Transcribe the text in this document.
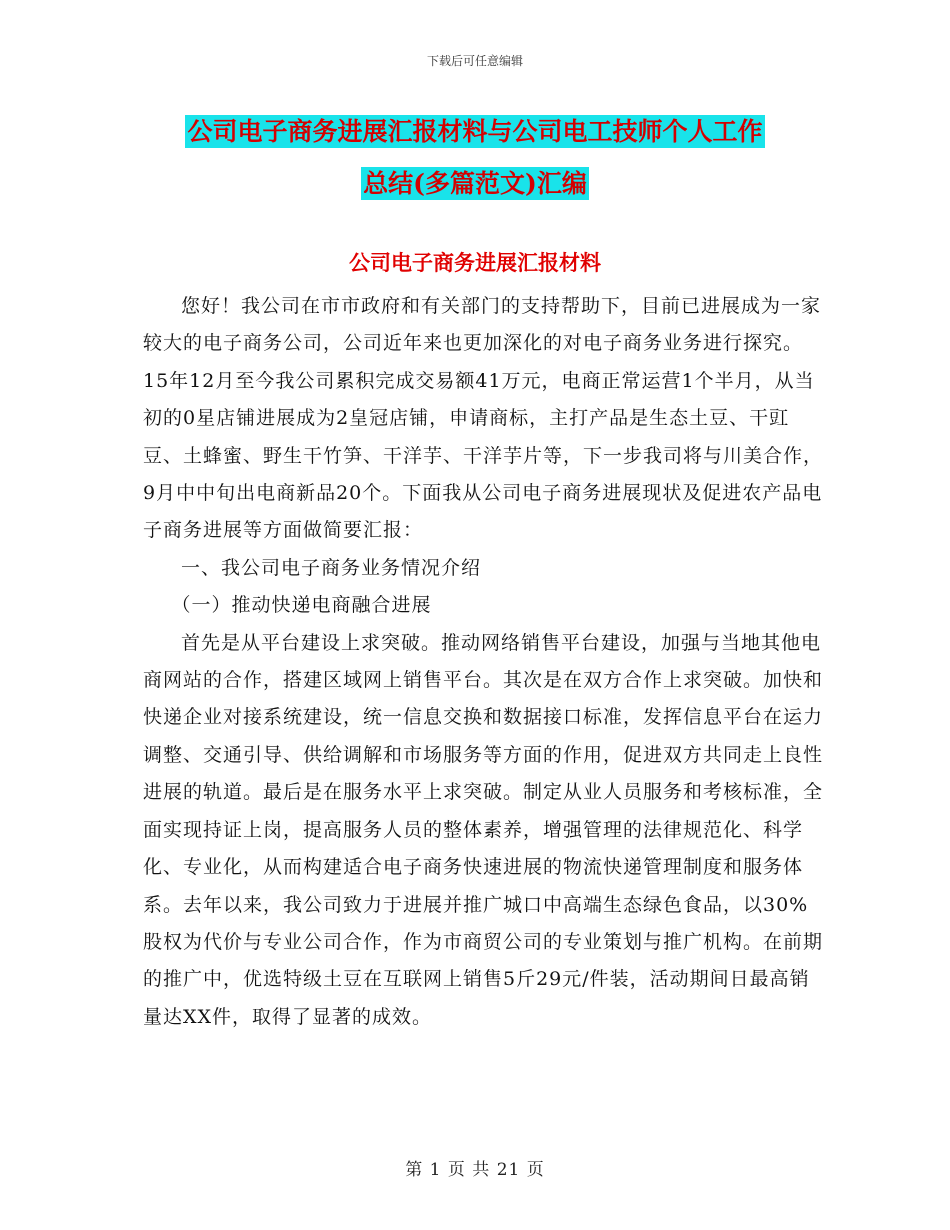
下载后可任意编辑
公司电子商务进展汇报材料与公司电工技师个人工作
总结(多篇范文)汇编
公司电子商务进展汇报材料

您好！我公司在市市政府和有关部门的支持帮助下，目前已进展成为一家较大的电子商务公司，公司近年来也更加深化的对电子商务业务进行探究。15年12月至今我公司累积完成交易额41万元，电商正常运营1个半月，从当初的0星店铺进展成为2皇冠店铺，申请商标，主打产品是生态土豆、干豇豆、土蜂蜜、野生干竹笋、干洋芋、干洋芋片等，下一步我司将与川美合作，9月中中旬出电商新品20个。下面我从公司电子商务进展现状及促进农产品电子商务进展等方面做简要汇报：

一、我公司电子商务业务情况介绍

（一）推动快递电商融合进展

首先是从平台建设上求突破。推动网络销售平台建设，加强与当地其他电商网站的合作，搭建区域网上销售平台。其次是在双方合作上求突破。加快和快递企业对接系统建设，统一信息交换和数据接口标准，发挥信息平台在运力调整、交通引导、供给调解和市场服务等方面的作用，促进双方共同走上良性进展的轨道。最后是在服务水平上求突破。制定从业人员服务和考核标准，全面实现持证上岗，提高服务人员的整体素养，增强管理的法律规范化、科学化、专业化，从而构建适合电子商务快速进展的物流快递管理制度和服务体系。去年以来，我公司致力于进展并推广城口中高端生态绿色食品，以30%股权为代价与专业公司合作，作为市商贸公司的专业策划与推广机构。在前期的推广中，优选特级土豆在互联网上销售5斤29元/件装，活动期间日最高销量达XX件，取得了显著的成效。

第 1 页 共 21 页
